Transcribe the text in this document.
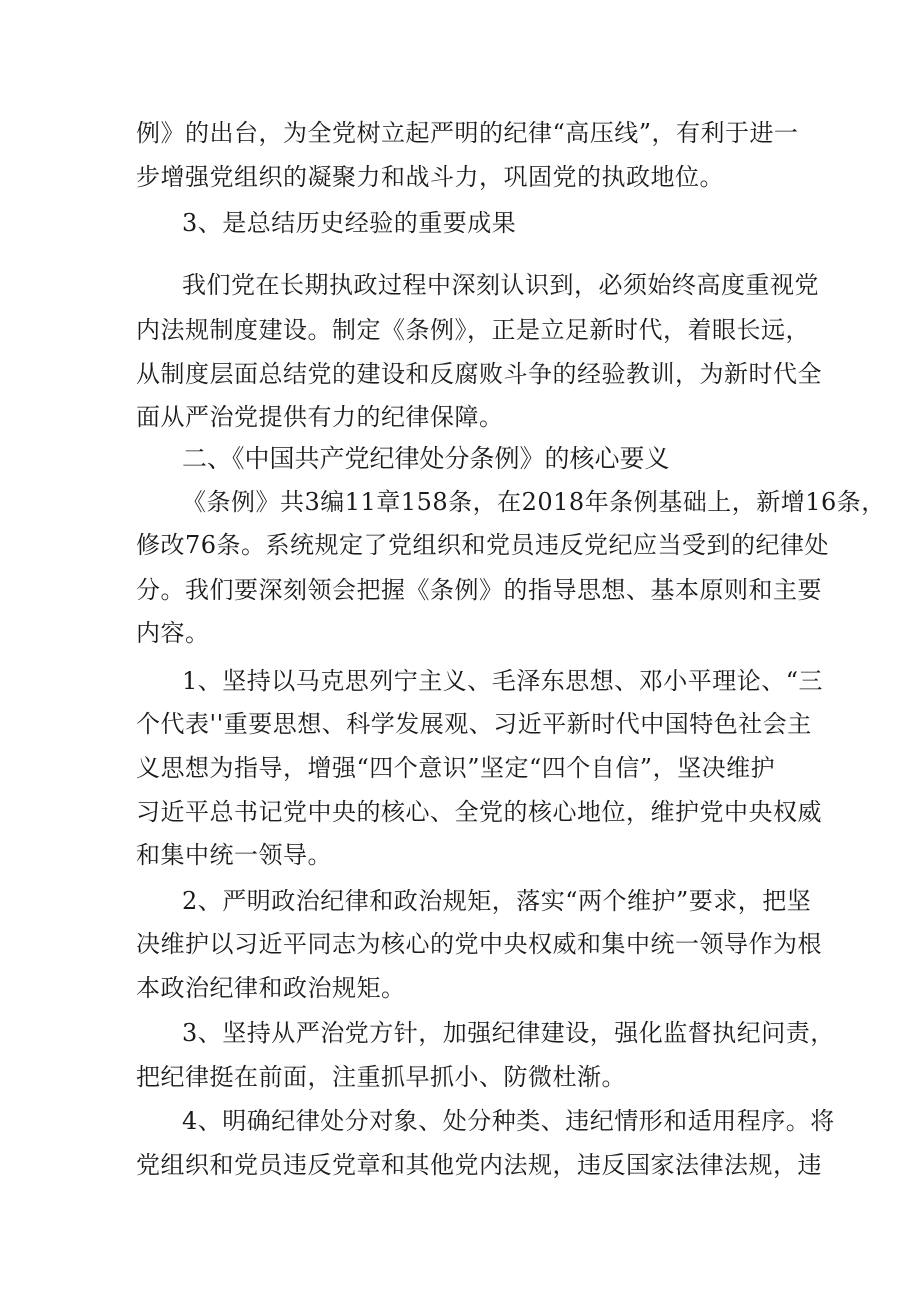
例》的出台，为全党树立起严明的纪律“高压线”，有利于进一
步增强党组织的凝聚力和战斗力，巩固党的执政地位。
3、是总结历史经验的重要成果
我们党在长期执政过程中深刻认识到，必须始终高度重视党
内法规制度建设。制定《条例》，正是立足新时代，着眼长远，
从制度层面总结党的建设和反腐败斗争的经验教训，为新时代全
面从严治党提供有力的纪律保障。
二、《中国共产党纪律处分条例》的核心要义
《条例》共3编11章158条，在2018年条例基础上，新增16条，
修改76条。系统规定了党组织和党员违反党纪应当受到的纪律处
分。我们要深刻领会把握《条例》的指导思想、基本原则和主要
内容。
1、坚持以马克思列宁主义、毛泽东思想、邓小平理论、“三
个代表''重要思想、科学发展观、习近平新时代中国特色社会主
义思想为指导，增强“四个意识”坚定“四个自信”，坚决维护
习近平总书记党中央的核心、全党的核心地位，维护党中央权威
和集中统一领导。
2、严明政治纪律和政治规矩，落实“两个维护”要求，把坚
决维护以习近平同志为核心的党中央权威和集中统一领导作为根
本政治纪律和政治规矩。
3、坚持从严治党方针，加强纪律建设，强化监督执纪问责，
把纪律挺在前面，注重抓早抓小、防微杜渐。
4、明确纪律处分对象、处分种类、违纪情形和适用程序。将
党组织和党员违反党章和其他党内法规，违反国家法律法规，违
